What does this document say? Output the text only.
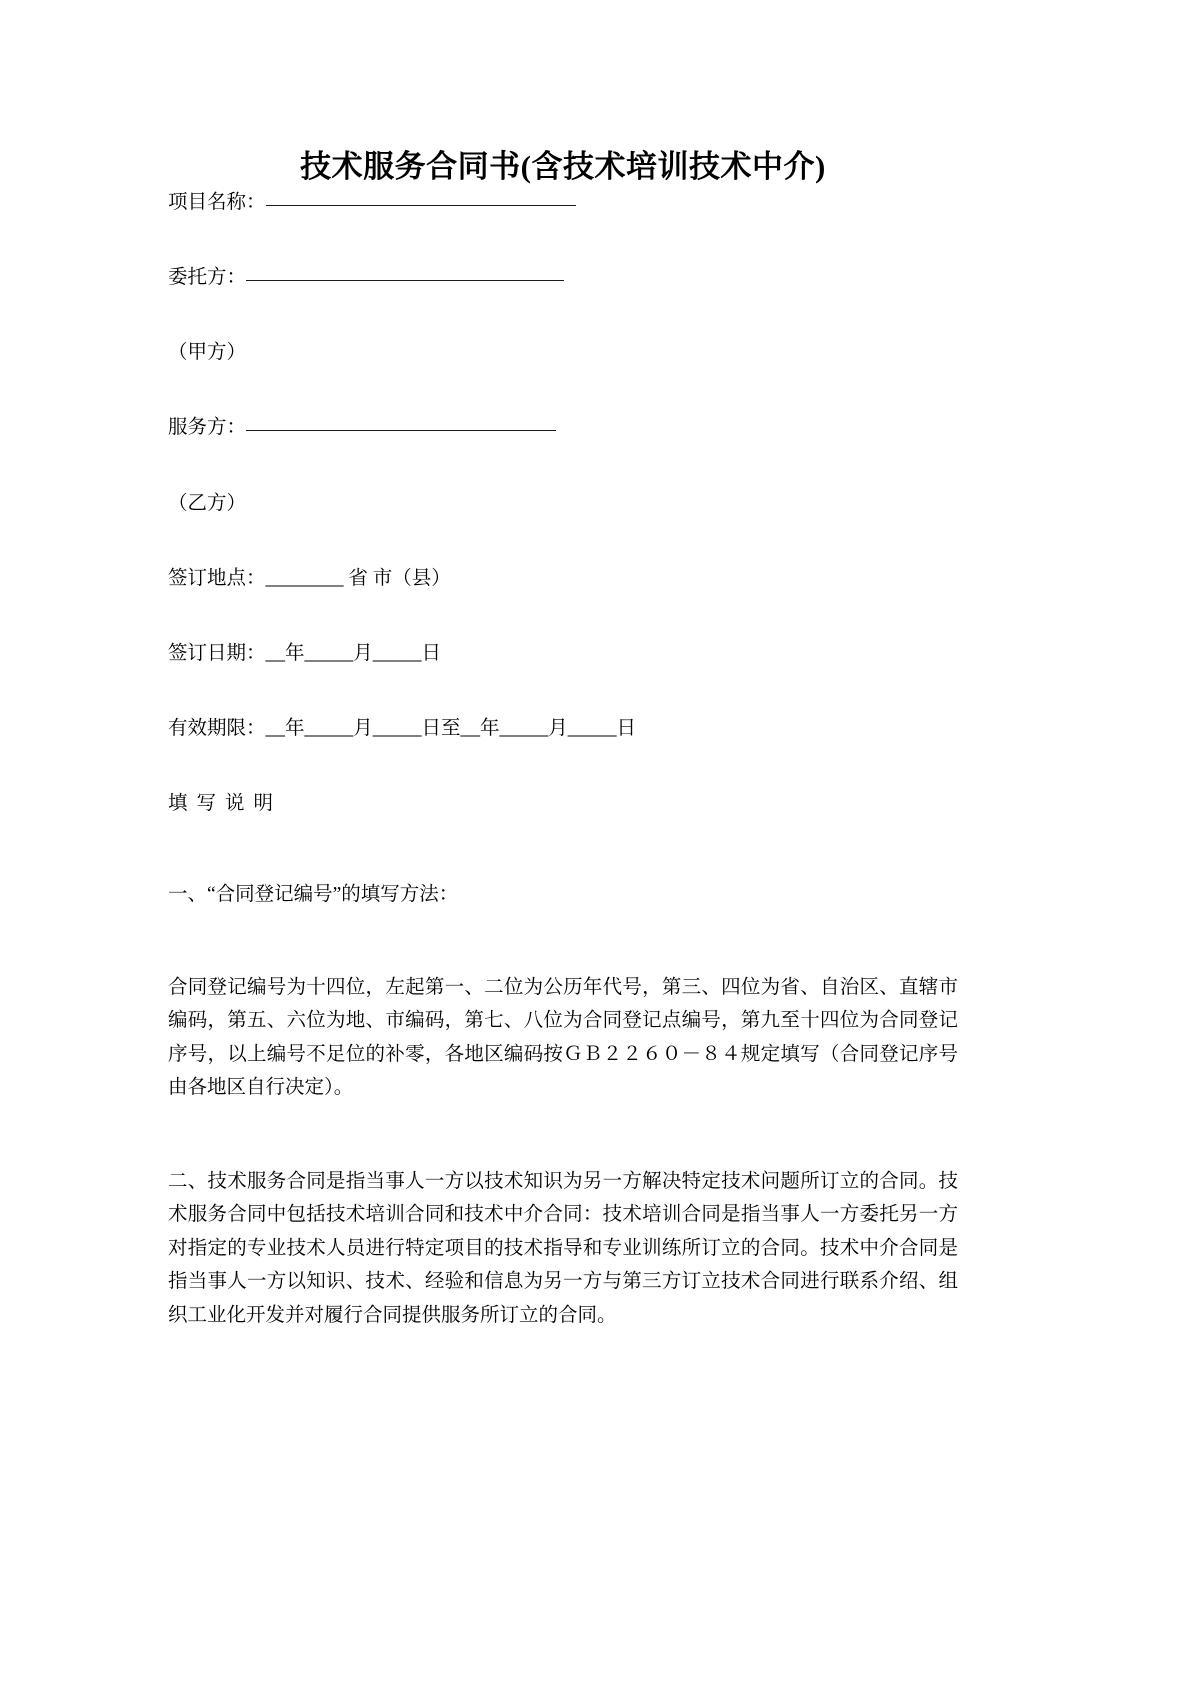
技术服务合同书(含技术培训技术中介)
项目名称：
委托方：
（甲方）
服务方：
（乙方）
签订地点：________ 省 市（县）
签订日期：__年_____月_____日
有效期限：__年_____月_____日至__年_____月_____日
填写说明
一、“合同登记编号”的填写方法：

合同登记编号为十四位，左起第一、二位为公历年代号，第三、四位为省、自治区、直辖市编码，第五、六位为地、市编码，第七、八位为合同登记点编号，第九至十四位为合同登记序号，以上编号不足位的补零，各地区编码按ＧＢ２２６０－８４规定填写（合同登记序号由各地区自行决定）。

二、技术服务合同是指当事人一方以技术知识为另一方解决特定技术问题所订立的合同。技术服务合同中包括技术培训合同和技术中介合同：技术培训合同是指当事人一方委托另一方对指定的专业技术人员进行特定项目的技术指导和专业训练所订立的合同。技术中介合同是指当事人一方以知识、技术、经验和信息为另一方与第三方订立技术合同进行联系介绍、组织工业化开发并对履行合同提供服务所订立的合同。
